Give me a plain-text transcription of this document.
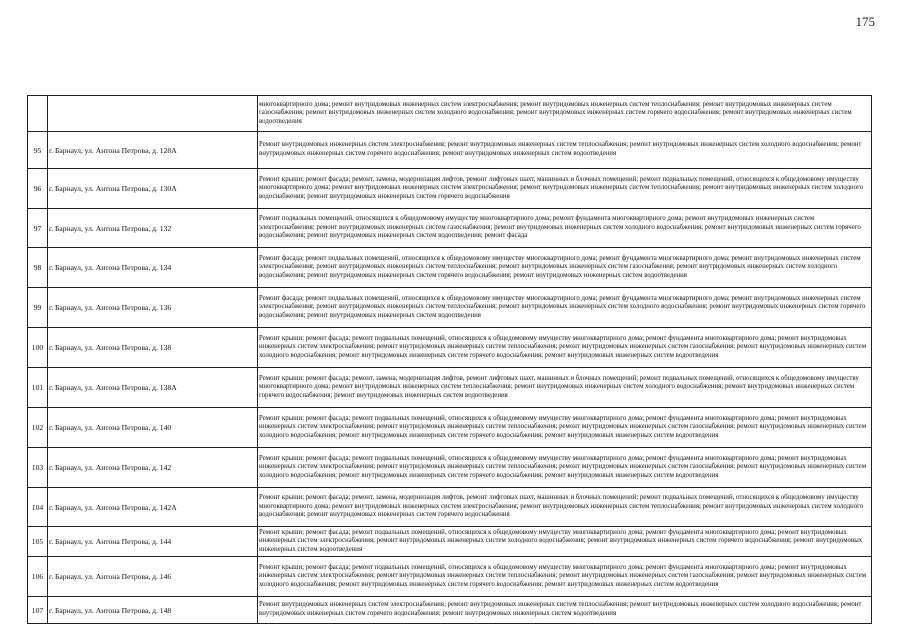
175
		многоквартирного дома; ремонт внутридомовых инженерных систем электроснабжения; ремонт внутридомовых инженерных систем теплоснабжения; ремонт внутридомовых инженерных систем газоснабжения; ремонт внутридомовых инженерных систем холодного водоснабжения; ремонт внутридомовых инженерных систем горячего водоснабжения; ремонт внутридомовых инженерных систем водоотведения
95	г. Барнаул, ул. Антона Петрова, д. 128А	Ремонт внутридомовых инженерных систем электроснабжения; ремонт внутридомовых инженерных систем теплоснабжения; ремонт внутридомовых инженерных систем холодного водоснабжения; ремонт внутридомовых инженерных систем горячего водоснабжения; ремонт внутридомовых инженерных систем водоотведения
96	г. Барнаул, ул. Антона Петрова, д. 130А	Ремонт крыши; ремонт фасада; ремонт, замена, модернизация лифтов, ремонт лифтовых шахт, машинных и блочных помещений; ремонт подвальных помещений, относящихся к общедомовому имуществу многоквартирного дома; ремонт внутридомовых инженерных систем электроснабжения; ремонт внутридомовых инженерных систем теплоснабжения; ремонт внутридомовых инженерных систем холодного водоснабжения; ремонт внутридомовых инженерных систем горячего водоснабжения
97	г. Барнаул, ул. Антона Петрова, д. 132	Ремонт подвальных помещений, относящихся к общедомовому имуществу многоквартирного дома; ремонт фундамента многоквартирного дома; ремонт внутридомовых инженерных систем электроснабжения; ремонт внутридомовых инженерных систем газоснабжения; ремонт внутридомовых инженерных систем холодного водоснабжения; ремонт внутридомовых инженерных систем горячего водоснабжения; ремонт внутридомовых инженерных систем водоотведения; ремонт фасада
98	г. Барнаул, ул. Антона Петрова, д. 134	Ремонт фасада; ремонт подвальных помещений, относящихся к общедомовому имуществу многоквартирного дома; ремонт фундамента многоквартирного дома; ремонт внутридомовых инженерных систем электроснабжения; ремонт внутридомовых инженерных систем теплоснабжения; ремонт внутридомовых инженерных систем газоснабжения; ремонт внутридомовых инженерных систем холодного водоснабжения; ремонт внутридомовых инженерных систем горячего водоснабжения; ремонт внутридомовых инженерных систем водоотведения
99	г. Барнаул, ул. Антона Петрова, д. 136	Ремонт фасада; ремонт подвальных помещений, относящихся к общедомовому имуществу многоквартирного дома; ремонт фундамента многоквартирного дома; ремонт внутридомовых инженерных систем электроснабжения; ремонт внутридомовых инженерных систем теплоснабжения; ремонт внутридомовых инженерных систем холодного водоснабжения; ремонт внутридомовых инженерных систем горячего водоснабжения; ремонт внутридомовых инженерных систем водоотведения
100	г. Барнаул, ул. Антона Петрова, д. 138	Ремонт крыши; ремонт фасада; ремонт подвальных помещений, относящихся к общедомовому имуществу многоквартирного дома; ремонт фундамента многоквартирного дома; ремонт внутридомовых инженерных систем электроснабжения; ремонт внутридомовых инженерных систем теплоснабжения; ремонт внутридомовых инженерных систем газоснабжения; ремонт внутридомовых инженерных систем холодного водоснабжения; ремонт внутридомовых инженерных систем горячего водоснабжения; ремонт внутридомовых инженерных систем водоотведения
101	г. Барнаул, ул. Антона Петрова, д. 138А	Ремонт крыши; ремонт фасада; ремонт, замена, модернизация лифтов, ремонт лифтовых шахт, машинных и блочных помещений; ремонт подвальных помещений, относящихся к общедомовому имуществу многоквартирного дома; ремонт внутридомовых инженерных систем теплоснабжения; ремонт внутридомовых инженерных систем холодного водоснабжения; ремонт внутридомовых инженерных систем горячего водоснабжения; ремонт внутридомовых инженерных систем водоотведения
102	г. Барнаул, ул. Антона Петрова, д. 140	Ремонт крыши; ремонт фасада; ремонт подвальных помещений, относящихся к общедомовому имуществу многоквартирного дома; ремонт фундамента многоквартирного дома; ремонт внутридомовых инженерных систем электроснабжения; ремонт внутридомовых инженерных систем теплоснабжения; ремонт внутридомовых инженерных систем газоснабжения; ремонт внутридомовых инженерных систем холодного водоснабжения; ремонт внутридомовых инженерных систем горячего водоснабжения; ремонт внутридомовых инженерных систем водоотведения
103	г. Барнаул, ул. Антона Петрова, д. 142	Ремонт крыши; ремонт фасада; ремонт подвальных помещений, относящихся к общедомовому имуществу многоквартирного дома; ремонт фундамента многоквартирного дома; ремонт внутридомовых инженерных систем электроснабжения; ремонт внутридомовых инженерных систем теплоснабжения; ремонт внутридомовых инженерных систем газоснабжения; ремонт внутридомовых инженерных систем холодного водоснабжения; ремонт внутридомовых инженерных систем горячего водоснабжения; ремонт внутридомовых инженерных систем водоотведения
104	г. Барнаул, ул. Антона Петрова, д. 142А	Ремонт крыши; ремонт фасада; ремонт, замена, модернизация лифтов, ремонт лифтовых шахт, машинных и блочных помещений; ремонт подвальных помещений, относящихся к общедомовому имуществу многоквартирного дома; ремонт внутридомовых инженерных систем электроснабжения; ремонт внутридомовых инженерных систем теплоснабжения; ремонт внутридомовых инженерных систем холодного водоснабжения; ремонт внутридомовых инженерных систем горячего водоснабжения
105	г. Барнаул, ул. Антона Петрова, д. 144	Ремонт крыши; ремонт фасада; ремонт подвальных помещений, относящихся к общедомовому имуществу многоквартирного дома; ремонт фундамента многоквартирного дома; ремонт внутридомовых инженерных систем электроснабжения; ремонт внутридомовых инженерных систем холодного водоснабжения; ремонт внутридомовых инженерных систем горячего водоснабжения; ремонт внутридомовых инженерных систем водоотведения
106	г. Барнаул, ул. Антона Петрова, д. 146	Ремонт крыши; ремонт фасада; ремонт подвальных помещений, относящихся к общедомовому имуществу многоквартирного дома; ремонт фундамента многоквартирного дома; ремонт внутридомовых инженерных систем электроснабжения; ремонт внутридомовых инженерных систем теплоснабжения; ремонт внутридомовых инженерных систем газоснабжения; ремонт внутридомовых инженерных систем холодного водоснабжения; ремонт внутридомовых инженерных систем горячего водоснабжения; ремонт внутридомовых инженерных систем водоотведения
107	г. Барнаул, ул. Антона Петрова, д. 148	Ремонт внутридомовых инженерных систем электроснабжения; ремонт внутридомовых инженерных систем теплоснабжения; ремонт внутридомовых инженерных систем холодного водоснабжения; ремонт внутридомовых инженерных систем горячего водоснабжения; ремонт внутридомовых инженерных систем водоотведения
